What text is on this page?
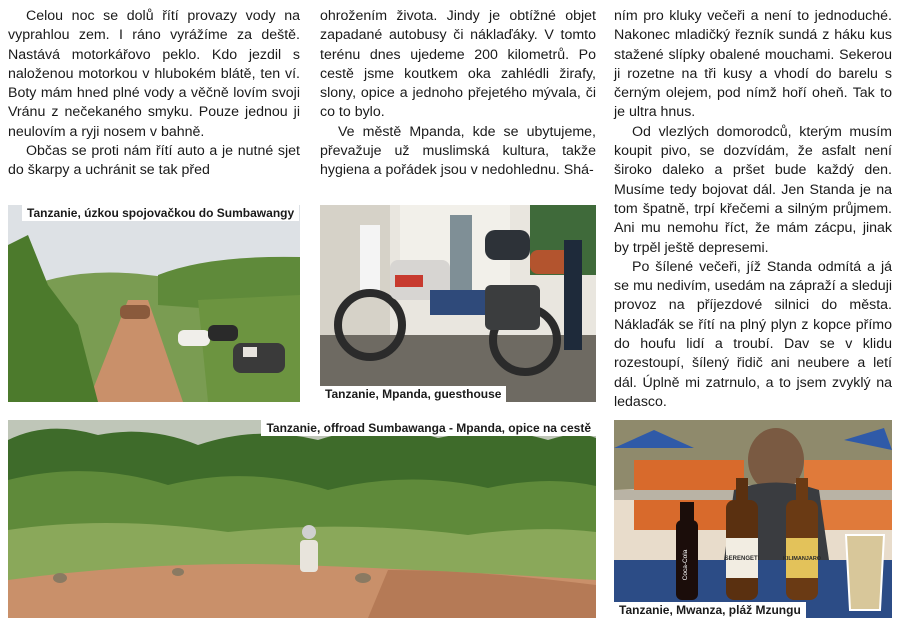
Celou noc se dolů řítí provazy vody na vyprahlou zem. I ráno vyrážíme za deště. Nastává motorkářovo peklo. Kdo jezdil s naloženou motorkou v hlubokém blátě, ten ví. Boty mám hned plné vody a věčně lovím svoji Vránu z nečekaného smyku. Pouze jednou ji neulovím a ryji nosem v bahně.

Občas se proti nám řítí auto a je nutné sjet do škarpy a uchránit se tak před

ohrožením života. Jindy je obtížné objet zapadané autobusy či náklaďáky. V tomto terénu dnes ujedeme 200 kilometrů. Po cestě jsme koutkem oka zahlédli žirafy, slony, opice a jednoho přejetého mývala, či co to bylo.

Ve městě Mpanda, kde se ubytujeme, převažuje už muslimská kultura, takže hygiena a pořádek jsou v nedohlednu. Shá-

ním pro kluky večeři a není to jednoduché. Nakonec mladičký řezník sundá z háku kus stažené slípky obalené mouchami. Sekerou ji rozetne na tři kusy a vhodí do barelu s černým olejem, pod nímž hoří oheň. Tak to je ultra hnus.

Od vlezlých domorodců, kterým musím koupit pivo, se dozvídám, že asfalt není široko daleko a pršet bude každý den. Musíme tedy bojovat dál. Jen Standa je na tom špatně, trpí křečemi a silným průjmem. Ani mu nemohu říct, že mám zácpu, jinak by trpěl ještě depresemi.

Po šílené večeři, jíž Standa odmítá a já se mu nedivím, usedám na zápraží a sleduji provoz na příjezdové silnici do města. Náklaďák se řítí na plný plyn z kopce přímo do houfu lidí a troubí. Dav se v klidu rozestoupí, šílený řidič ani neubere a letí dál. Úplně mi zatrnulo, a to jsem zvyklý na ledasco.

Tanzanie, úzkou spojovačkou do Sumbawangy
Tanzanie, Mpanda, guesthouse
Tanzanie, offroad Sumbawanga - Mpanda, opice na cestě
Coca-Cola	SERENGETI	KILIMANJARO
Tanzanie, Mwanza, pláž Mzungu
